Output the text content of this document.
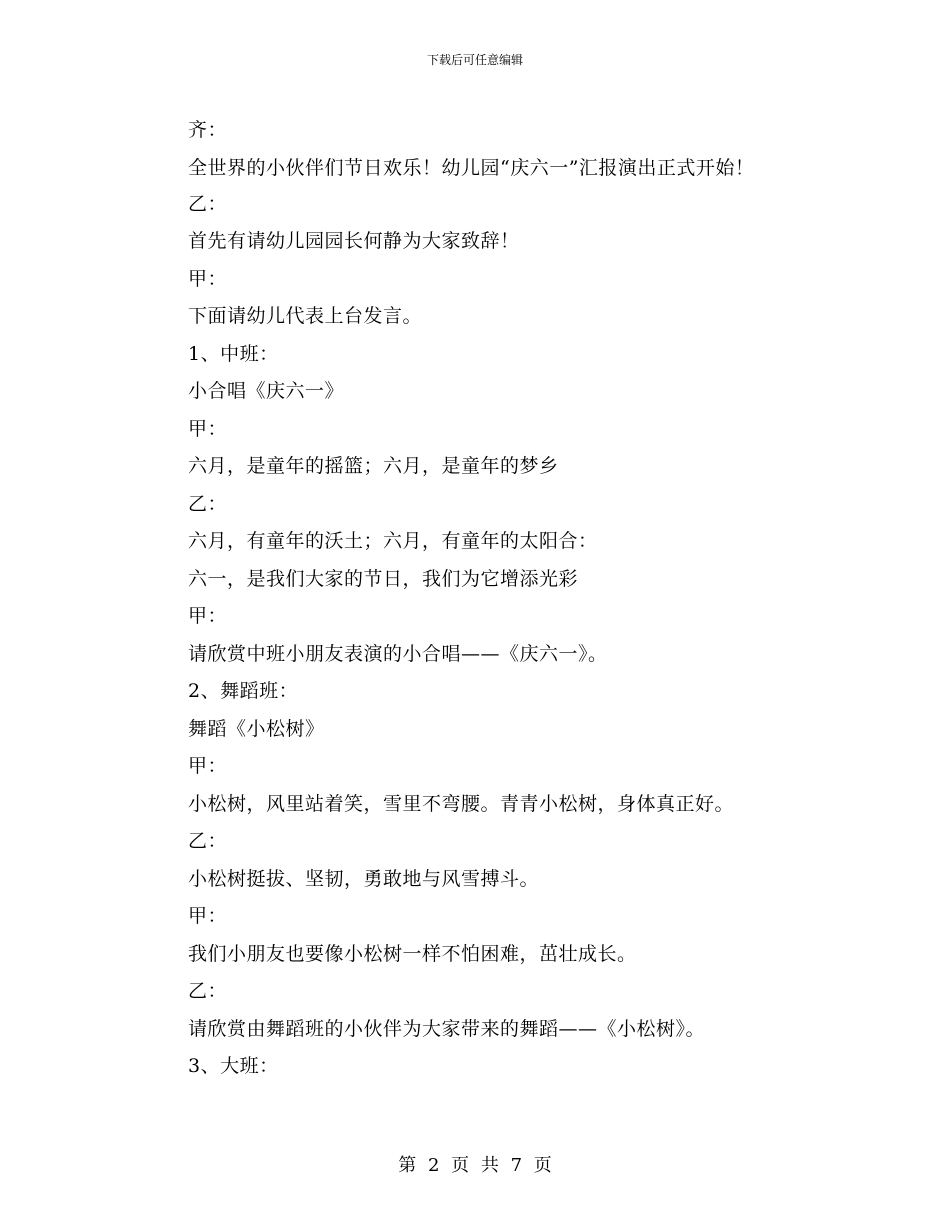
下载后可任意编辑

齐：

全世界的小伙伴们节日欢乐！幼儿园“庆六一”汇报演出正式开始！

乙：

首先有请幼儿园园长何静为大家致辞！

甲：

下面请幼儿代表上台发言。

1、中班：

小合唱《庆六一》

甲：

六月，是童年的摇篮；六月，是童年的梦乡

乙：

六月，有童年的沃土；六月，有童年的太阳合：

六一，是我们大家的节日，我们为它增添光彩

甲：

请欣赏中班小朋友表演的小合唱——《庆六一》。

2、舞蹈班：

舞蹈《小松树》

甲：

小松树，风里站着笑，雪里不弯腰。青青小松树，身体真正好。

乙：

小松树挺拔、坚韧，勇敢地与风雪搏斗。

甲：

我们小朋友也要像小松树一样不怕困难，茁壮成长。

乙：

请欣赏由舞蹈班的小伙伴为大家带来的舞蹈——《小松树》。

3、大班：

第 2 页 共 7 页
